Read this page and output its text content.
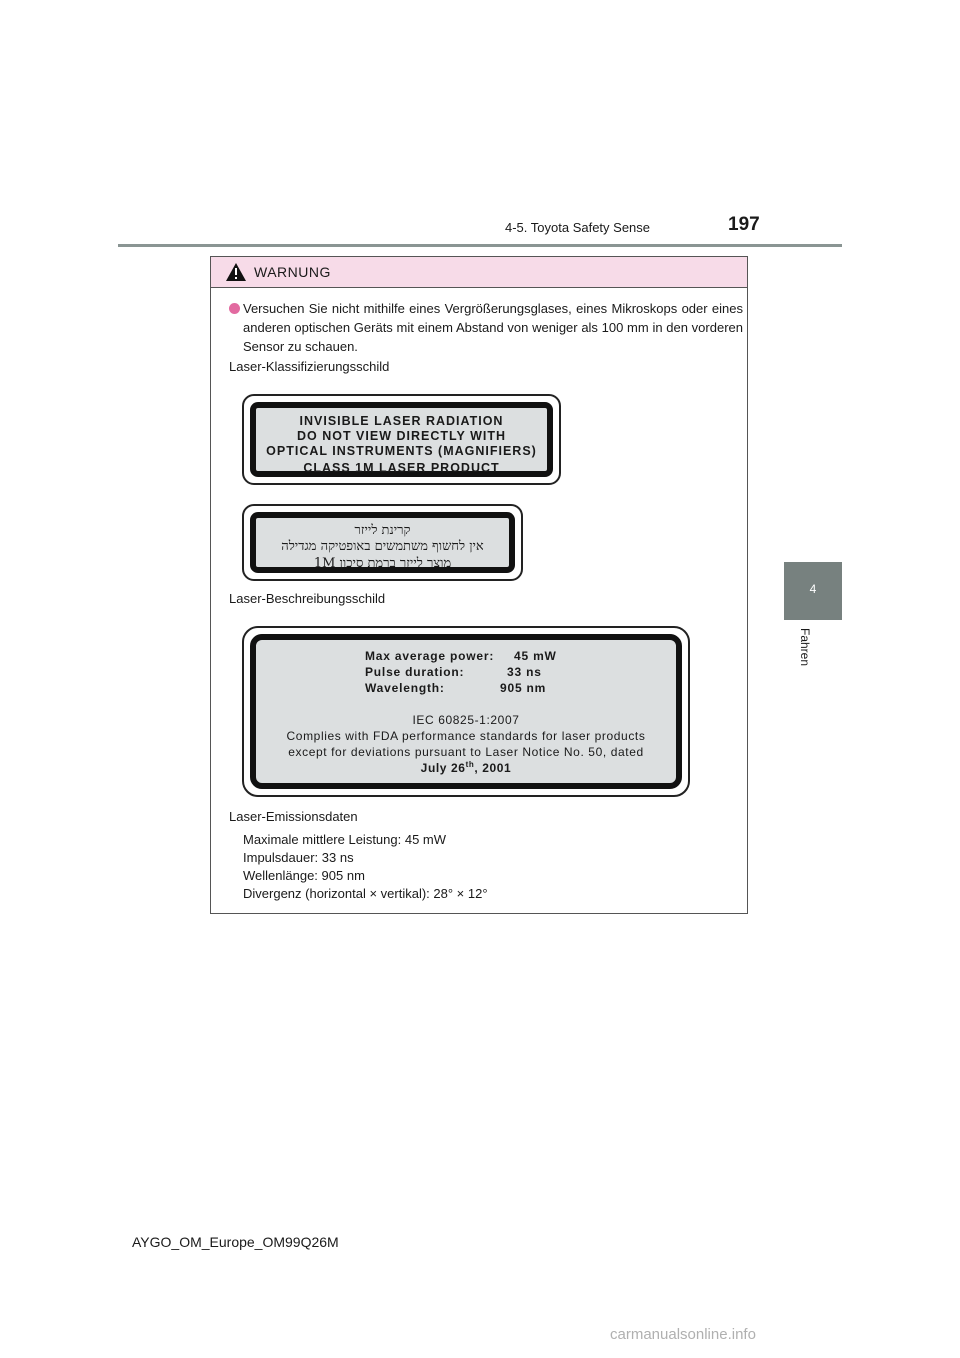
197
4-5. Toyota Safety Sense
4
Fahren
WARNUNG
Versuchen Sie nicht mithilfe eines Vergrößerungsglases, eines Mikroskops oder eines anderen optischen Geräts mit einem Abstand von weniger als 100 mm in den vorderen Sensor zu schauen.
Laser-Klassifizierungsschild
INVISIBLE LASER RADIATION
DO NOT VIEW DIRECTLY WITH
OPTICAL INSTRUMENTS (MAGNIFIERS)
CLASS 1M LASER PRODUCT
קרינת לייזר
אין לחשוף משתמשים באופטיקה מגדילה
מוצר לייזר ברמת סיכון 1M
Laser-Beschreibungsschild
Max average power: 45 mW
Pulse duration:	33 ns
Wavelength:	905 nm
IEC 60825-1:2007
Complies with FDA performance standards for laser products
except for deviations pursuant to Laser Notice No. 50, dated
July 26th, 2001
Laser-Emissionsdaten
Maximale mittlere Leistung: 45 mW
Impulsdauer: 33 ns
Wellenlänge: 905 nm
Divergenz (horizontal × vertikal): 28° × 12°
AYGO_OM_Europe_OM99Q26M
carmanualsonline.info
